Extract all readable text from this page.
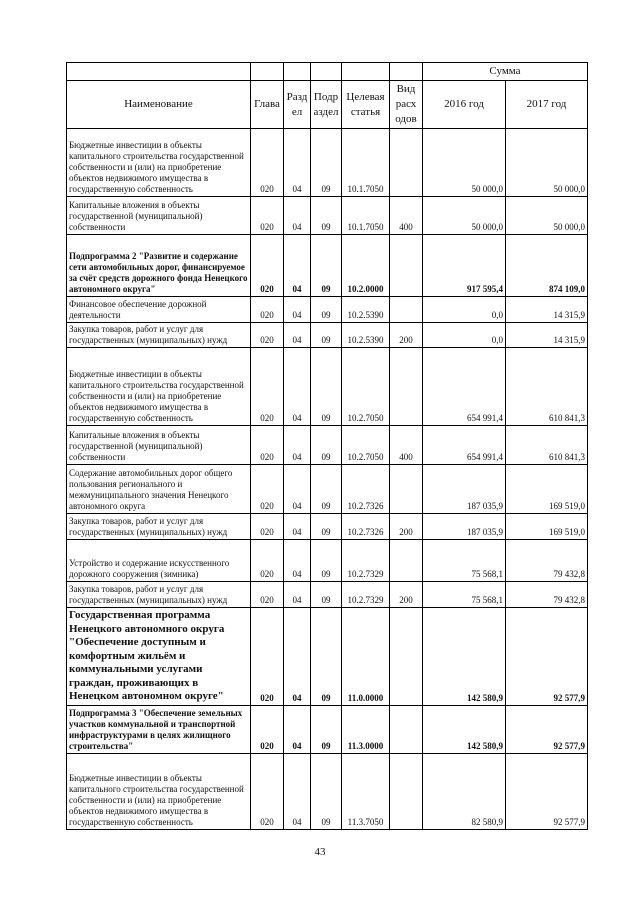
						Сумма	
Наименование	Глава	Разд ел	Подр аздел	Целевая статья	Вид расх одов	2016 год	2017 год
Бюджетные инвестиции в объекты капитального строительства государственной собственности и (или) на приобретение объектов недвижимого имущества в государственную собственность	020	04	09	10.1.7050		50 000,0	50 000,0
Капитальные вложения в объекты государственной (муниципальной) собственности	020	04	09	10.1.7050	400	50 000,0	50 000,0
Подпрограмма 2 "Развитие и содержание сети автомобильных дорог, финансируемое за счёт средств дорожного фонда Ненецкого автономного округа"	020	04	09	10.2.0000		917 595,4	874 109,0
Финансовое обеспечение дорожной деятельности	020	04	09	10.2.5390		0,0	14 315,9
Закупка товаров, работ и услуг для государственных (муниципальных) нужд	020	04	09	10.2.5390	200	0,0	14 315,9
Бюджетные инвестиции в объекты капитального строительства государственной собственности и (или) на приобретение объектов недвижимого имущества в государственную собственность	020	04	09	10.2.7050		654 991,4	610 841,3
Капитальные вложения в объекты государственной (муниципальной) собственности	020	04	09	10.2.7050	400	654 991,4	610 841,3
Содержание автомобильных дорог общего пользования регионального и межмуниципального значения Ненецкого автономного округа	020	04	09	10.2.7326		187 035,9	169 519,0
Закупка товаров, работ и услуг для государственных (муниципальных) нужд	020	04	09	10.2.7326	200	187 035,9	169 519,0
Устройство и содержание искусственного дорожного сооружения (зимника)	020	04	09	10.2.7329		75 568,1	79 432,8
Закупка товаров, работ и услуг для государственных (муниципальных) нужд	020	04	09	10.2.7329	200	75 568,1	79 432,8
Государственная программа Ненецкого автономного округа "Обеспечение доступным и комфортным жильём и коммунальными услугами граждан, проживающих в Ненецком автономном округе"	020	04	09	11.0.0000		142 580,9	92 577,9
Подпрограмма 3 "Обеспечение земельных участков коммунальной и транспортной инфраструктурами в целях жилищного строительства"	020	04	09	11.3.0000		142 580,9	92 577,9
Бюджетные инвестиции в объекты капитального строительства государственной собственности и (или) на приобретение объектов недвижимого имущества в государственную собственность	020	04	09	11.3.7050		82 580,9	92 577,9
43
